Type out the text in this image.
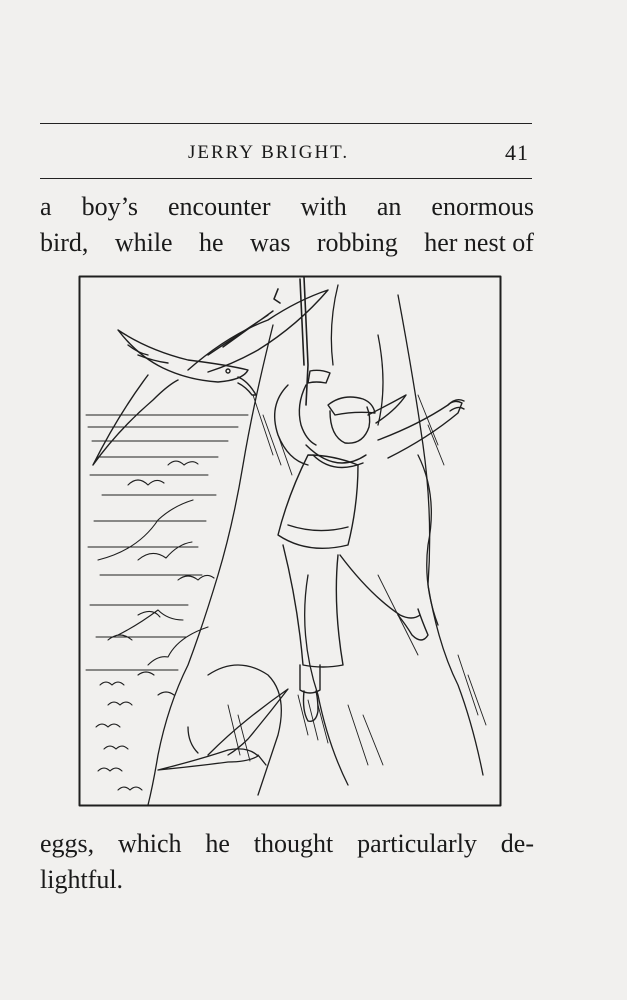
JERRY BRIGHT.	41
a boy’s encounter with an enormous
bird, while he was robbing her nest of
eggs, which he thought particularly de-
lightful.
